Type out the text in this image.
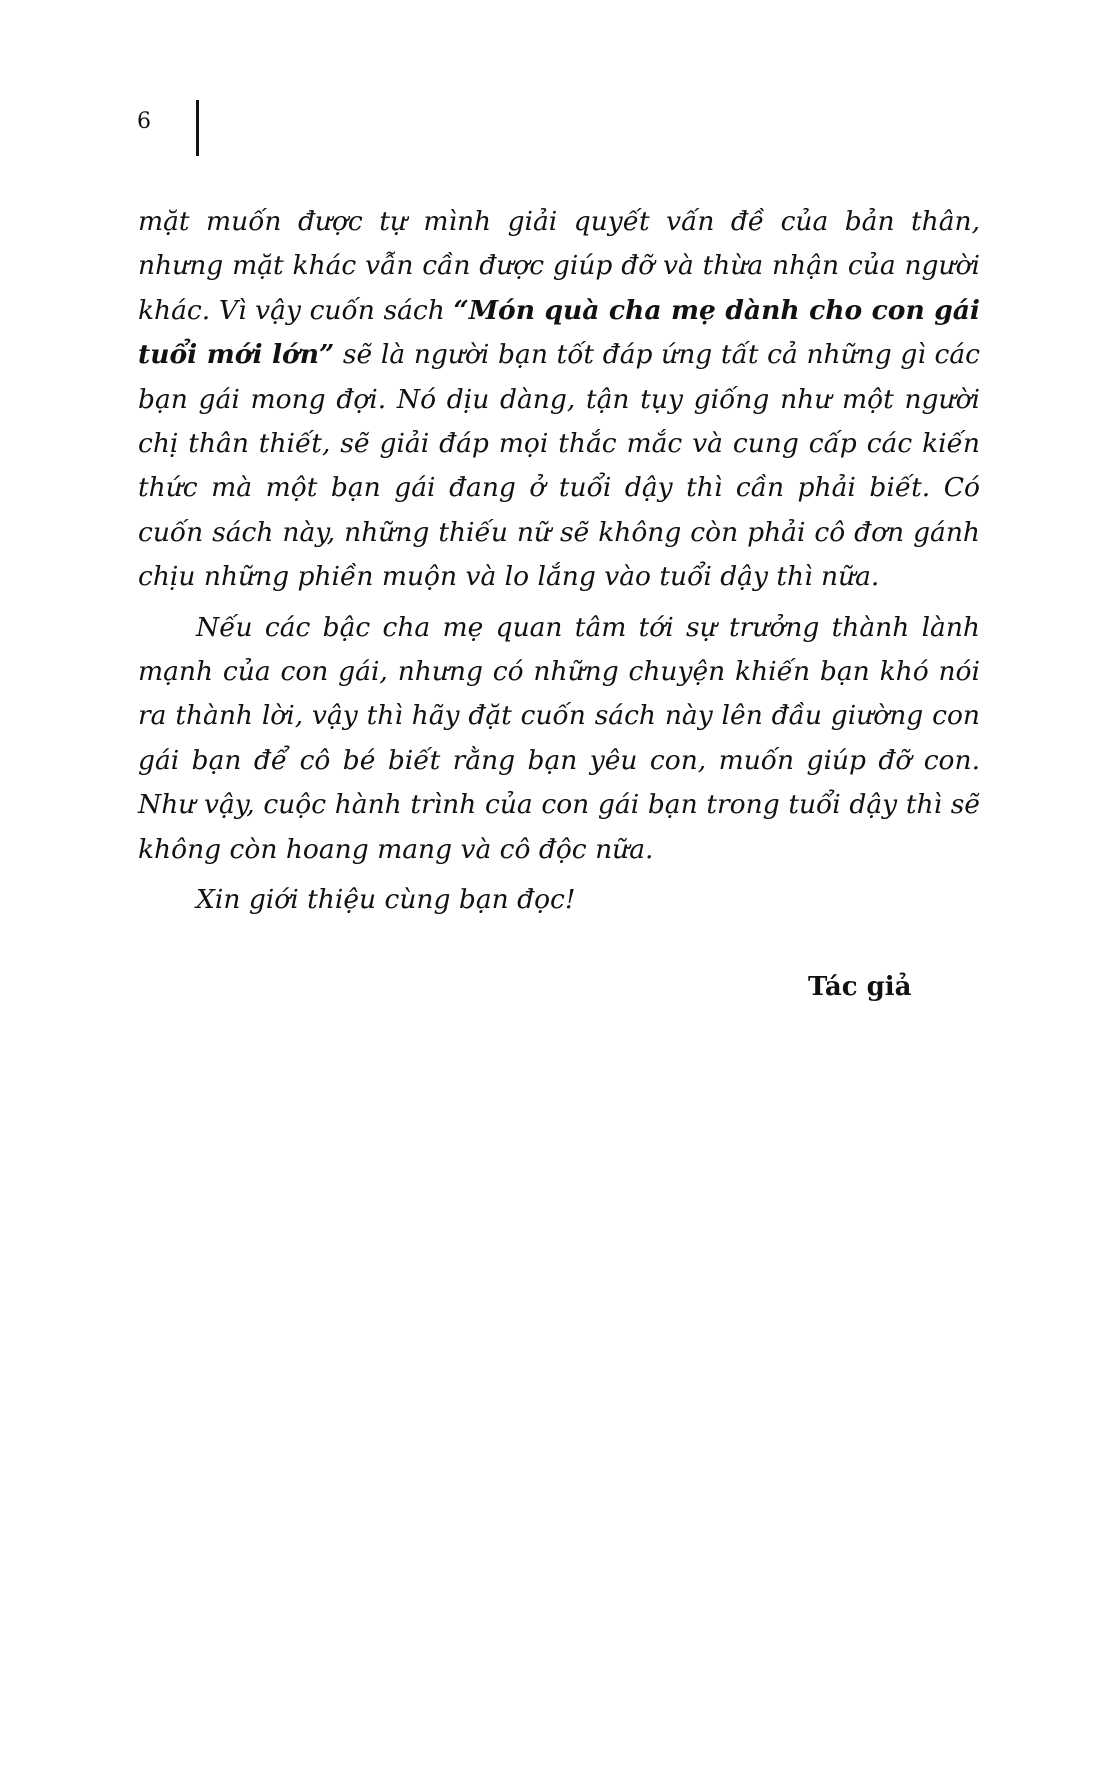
6

mặt muốn được tự mình giải quyết vấn đề của bản thân, nhưng mặt khác vẫn cần được giúp đỡ và thừa nhận của người khác. Vì vậy cuốn sách “Món quà cha mẹ dành cho con gái tuổi mới lớn” sẽ là người bạn tốt đáp ứng tất cả những gì các bạn gái mong đợi. Nó dịu dàng, tận tụy giống như một người chị thân thiết, sẽ giải đáp mọi thắc mắc và cung cấp các kiến thức mà một bạn gái đang ở tuổi dậy thì cần phải biết. Có cuốn sách này, những thiếu nữ sẽ không còn phải cô đơn gánh chịu những phiền muộn và lo lắng vào tuổi dậy thì nữa.

Nếu các bậc cha mẹ quan tâm tới sự trưởng thành lành mạnh của con gái, nhưng có những chuyện khiến bạn khó nói ra thành lời, vậy thì hãy đặt cuốn sách này lên đầu giường con gái bạn để cô bé biết rằng bạn yêu con, muốn giúp đỡ con. Như vậy, cuộc hành trình của con gái bạn trong tuổi dậy thì sẽ không còn hoang mang và cô độc nữa.

Xin giới thiệu cùng bạn đọc!

Tác giả
